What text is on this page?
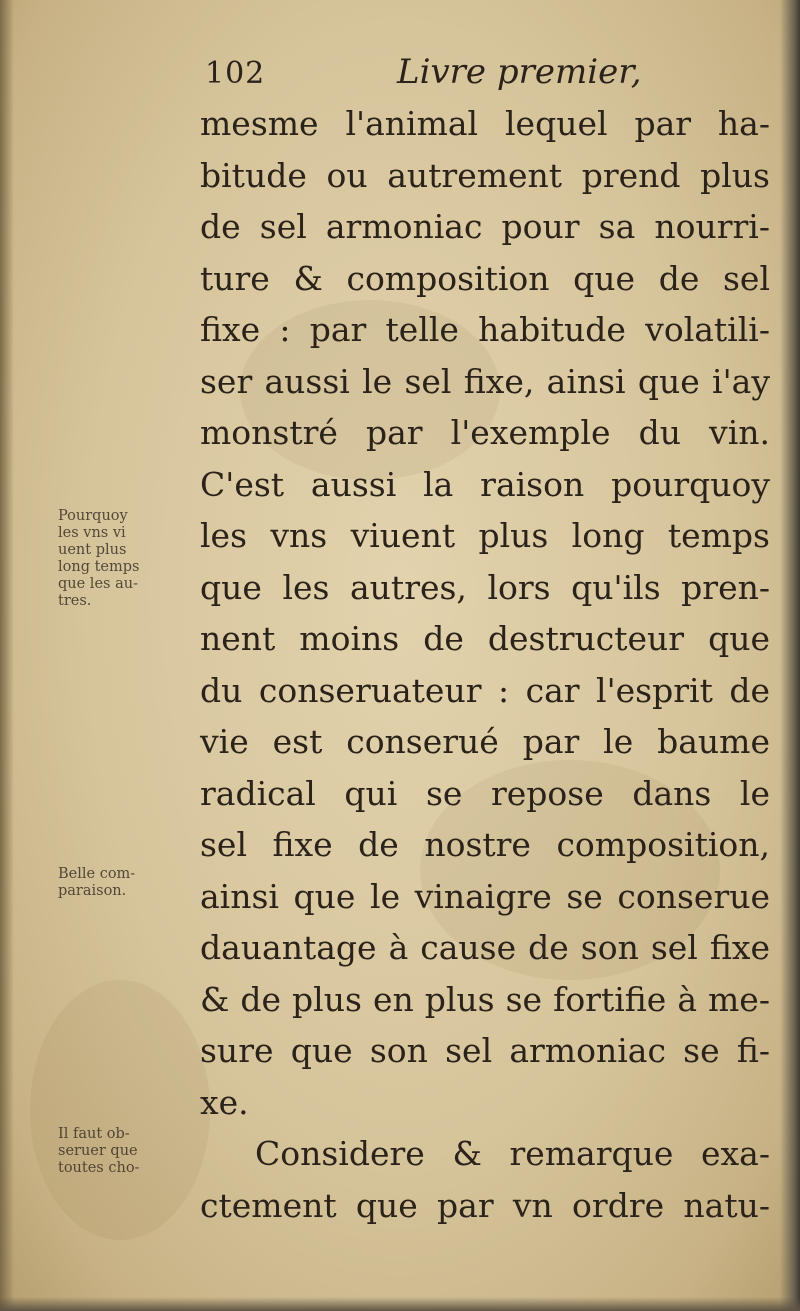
102	Livre premier,
mesme l'animal lequel par ha-
bitude ou autrement prend plus
de sel armoniac pour sa nourri-
ture & composition que de sel
fixe : par telle habitude volatili-
ser aussi le sel fixe, ainsi que i'ay
monstré par l'exemple du vin.
C'est aussi la raison pourquoy
les vns viuent plus long temps
que les autres, lors qu'ils pren-
nent moins de destructeur que
du conseruateur : car l'esprit de
vie est conserué par le baume
radical qui se repose dans le
sel fixe de nostre composition,
ainsi que le vinaigre se conserue
dauantage à cause de son sel fixe
& de plus en plus se fortifie à me-
sure que son sel armoniac se fi-
xe.
Considere & remarque exa-
ctement que par vn ordre natu-
Pourquoy
les vns vi
uent plus
long temps
que les au-
tres.
Belle com-
paraison.
Il faut ob-
seruer que
toutes cho-
